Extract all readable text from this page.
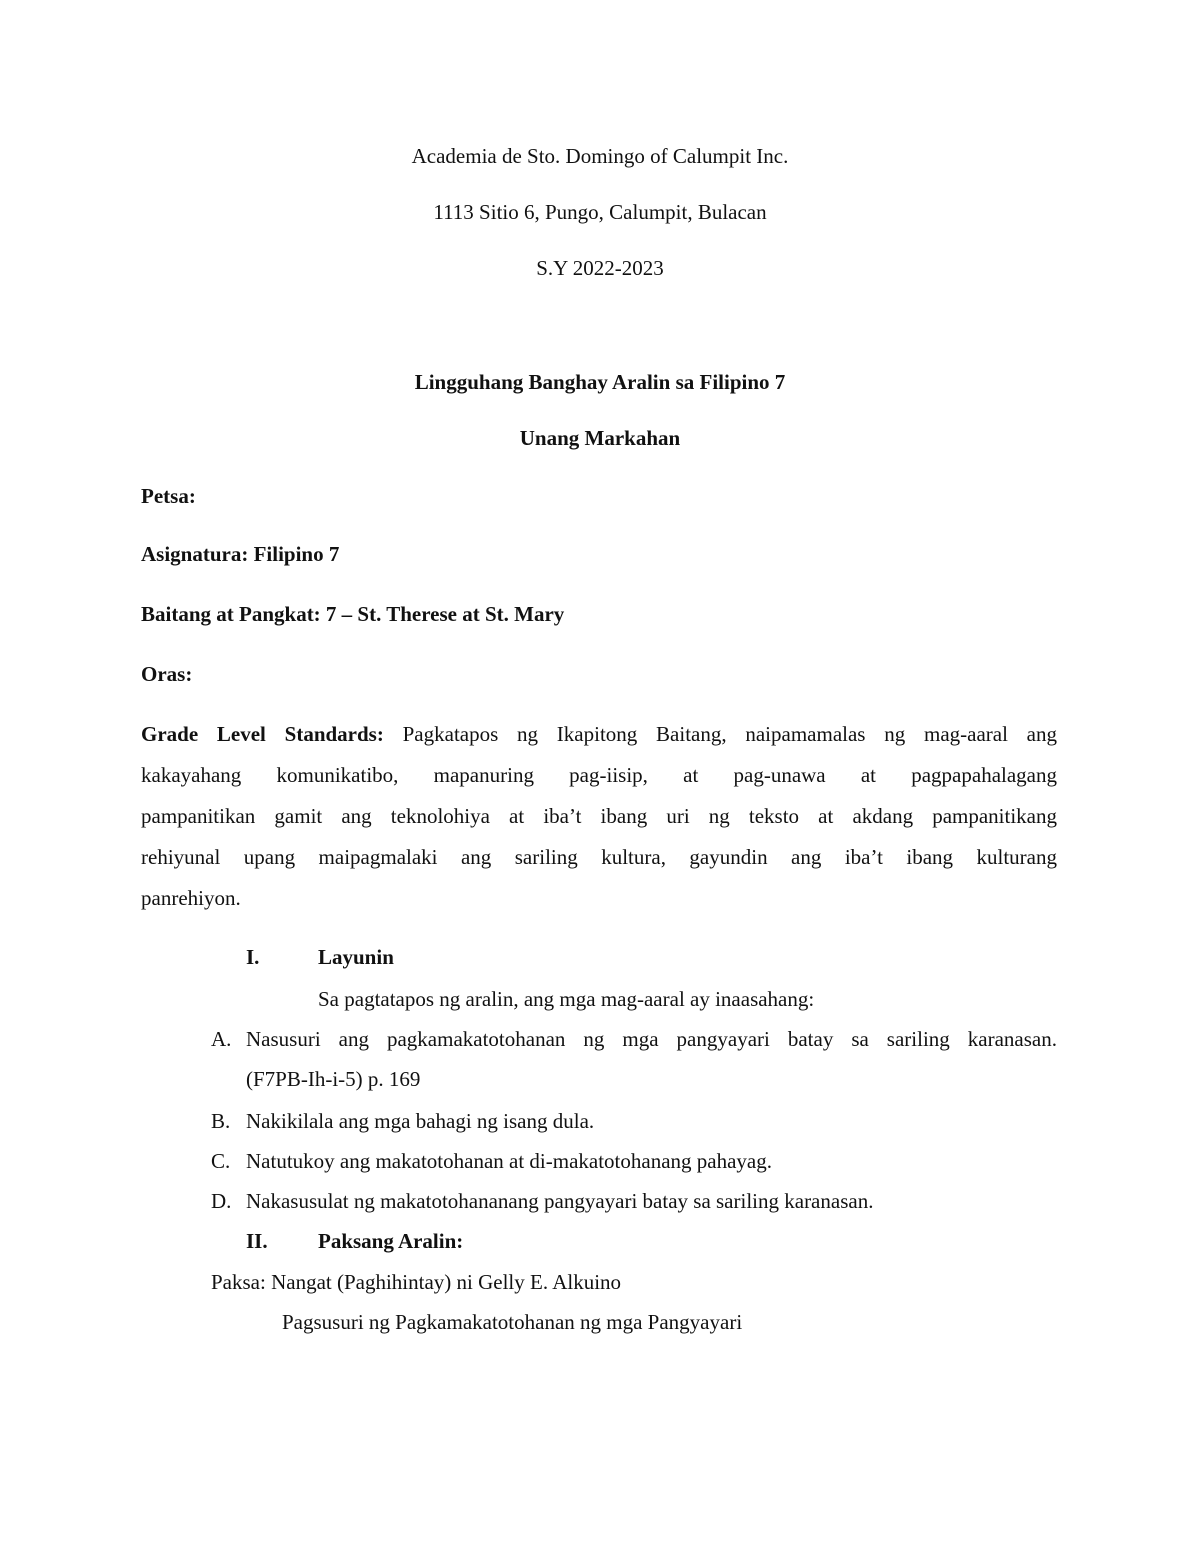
Academia de Sto. Domingo of Calumpit Inc.
1113 Sitio 6, Pungo, Calumpit, Bulacan
S.Y 2022-2023
Lingguhang Banghay Aralin sa Filipino 7
Unang Markahan
Petsa:
Asignatura: Filipino 7
Baitang at Pangkat: 7 – St. Therese at St. Mary
Oras:
Grade Level Standards: Pagkatapos ng Ikapitong Baitang, naipamamalas ng mag-aaral ang
kakayahang komunikatibo, mapanuring pag-iisip, at pag-unawa at pagpapahalagang
pampanitikan gamit ang teknolohiya at iba’t ibang uri ng teksto at akdang pampanitikang
rehiyunal upang maipagmalaki ang sariling kultura, gayundin ang iba’t ibang kulturang
panrehiyon.
I.	Layunin
Sa pagtatapos ng aralin, ang mga mag-aaral ay inaasahang:
A. Nasusuri ang pagkamakatotohanan ng mga pangyayari batay sa sariling karanasan.
(F7PB-Ih-i-5) p. 169
B. Nakikilala ang mga bahagi ng isang dula.
C. Natutukoy ang makatotohanan at di-makatotohanang pahayag.
D. Nakasusulat ng makatotohananang pangyayari batay sa sariling karanasan.
II. Paksang Aralin:
Paksa: Nangat (Paghihintay) ni Gelly E. Alkuino
Pagsusuri ng Pagkamakatotohanan ng mga Pangyayari
